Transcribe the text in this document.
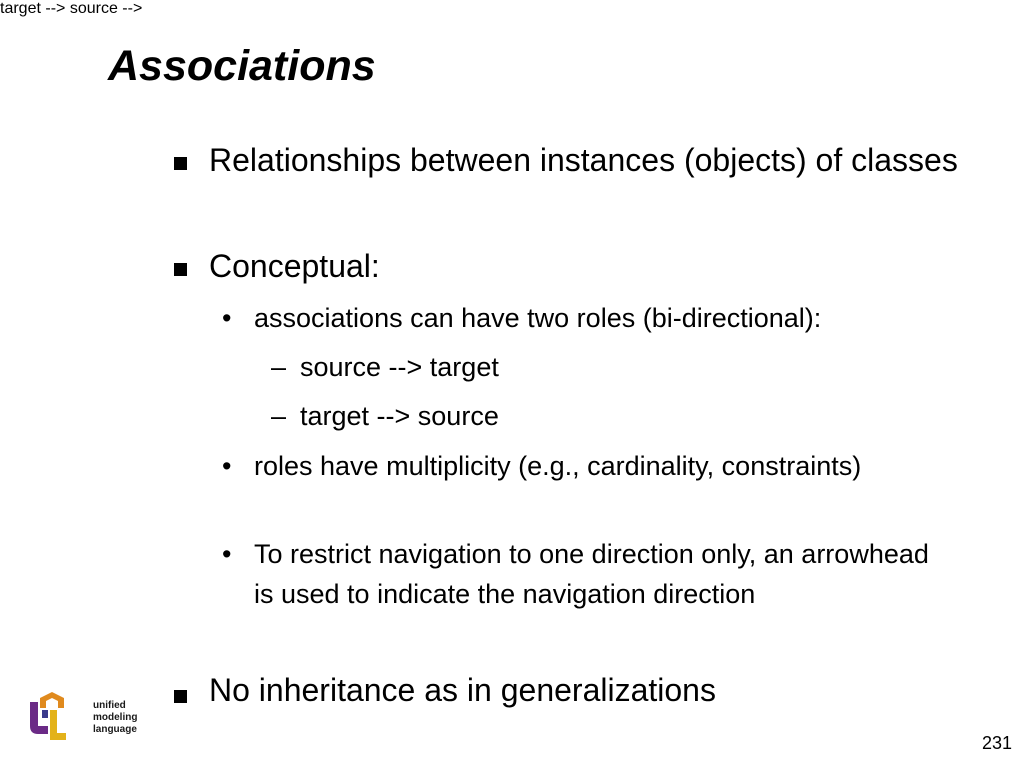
Associations
Relationships between instances (objects) of classes
Conceptual:
• associations can have two roles (bi-directional):
target -->
– source --> target
source -->
– target --> source
• roles have multiplicity (e.g., cardinality, constraints)
• To restrict navigation to one direction only, an arrowhead is used to indicate the navigation direction
No inheritance as in generalizations
unified
modeling
language
231
